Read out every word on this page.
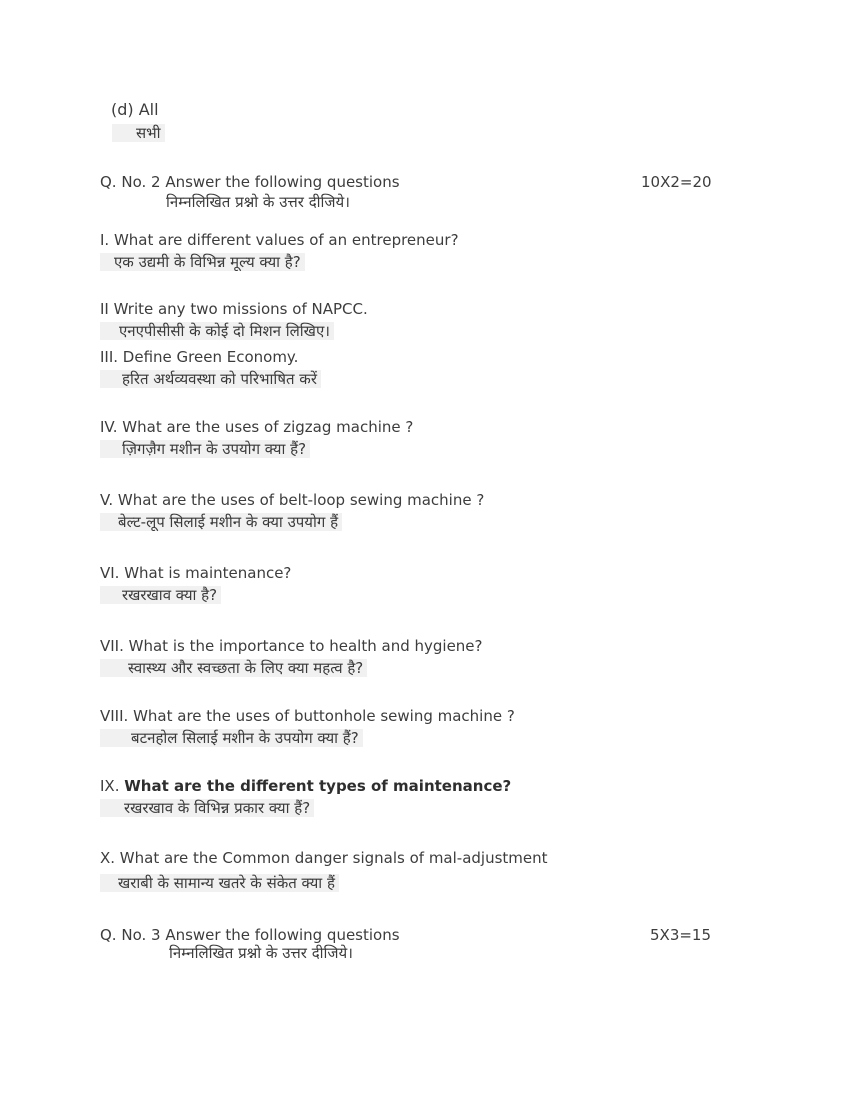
(d) All
सभी
Q. No. 2 Answer the following questions	10X2=20
निम्नलिखित प्रश्नो के उत्तर दीजिये।
I. What are different values of an entrepreneur?
एक उद्यमी के विभिन्न मूल्य क्या है?
II Write any two missions of NAPCC.
एनएपीसीसी के कोई दो मिशन लिखिए।
III. Define Green Economy.
हरित अर्थव्यवस्था को परिभाषित करें
IV. What are the uses of zigzag machine ?
ज़िगज़ैग मशीन के उपयोग क्या हैं?
V. What are the uses of belt-loop sewing machine ?
बेल्ट-लूप सिलाई मशीन के क्या उपयोग हैं
VI. What is maintenance?
रखरखाव क्या है?
VII. What is the importance to health and hygiene?
स्वास्थ्य और स्वच्छता के लिए क्या महत्व है?
VIII. What are the uses of buttonhole sewing machine ?
बटनहोल सिलाई मशीन के उपयोग क्या हैं?
IX. What are the different types of maintenance?
रखरखाव के विभिन्न प्रकार क्या हैं?
X. What are the Common danger signals of mal-adjustment
खराबी के सामान्य खतरे के संकेत क्या हैं
Q. No. 3 Answer the following questions	5X3=15
निम्नलिखित प्रश्नो के उत्तर दीजिये।
